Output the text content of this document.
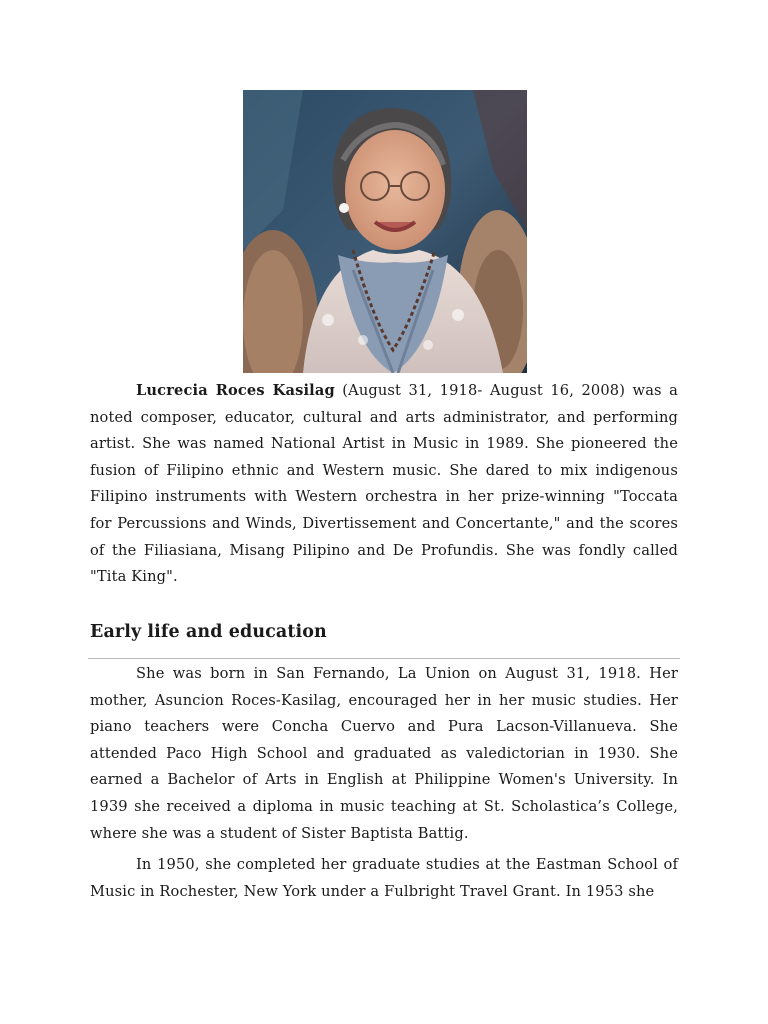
Lucrecia Roces Kasilag (August 31, 1918- August 16, 2008) was a noted composer, educator, cultural and arts administrator, and performing artist. She was named National Artist in Music in 1989. She pioneered the fusion of Filipino ethnic and Western music. She dared to mix indigenous Filipino instruments with Western orchestra in her prize-winning "Toccata for Percussions and Winds, Divertissement and Concertante," and the scores of the Filiasiana, Misang Pilipino and De Profundis. She was fondly called "Tita King".

Early life and education

She was born in San Fernando, La Union on August 31, 1918. Her mother, Asuncion Roces-Kasilag, encouraged her in her music studies. Her piano teachers were Concha Cuervo and Pura Lacson-Villanueva. She attended Paco High School and graduated as valedictorian in 1930. She earned a Bachelor of Arts in English at Philippine Women's University. In 1939 she received a diploma in music teaching at St. Scholastica’s College, where she was a student of Sister Baptista Battig.

In 1950, she completed her graduate studies at the Eastman School of Music in Rochester, New York under a Fulbright Travel Grant. In 1953 she
